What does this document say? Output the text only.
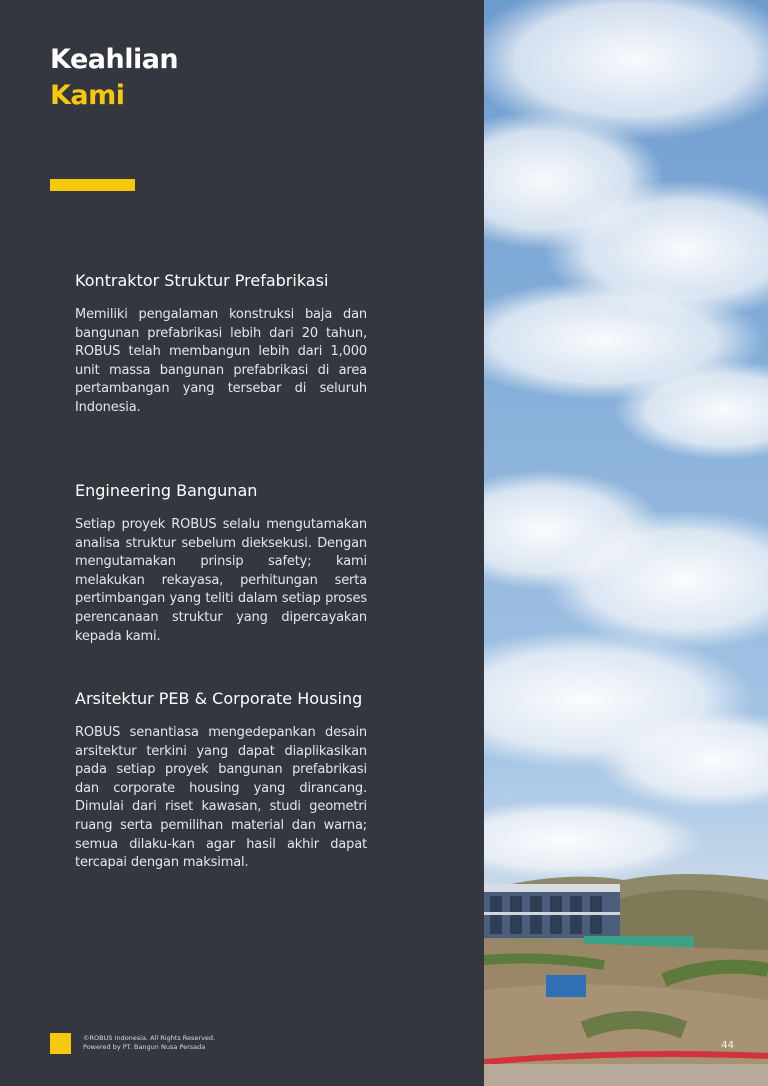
Keahlian
Kami
Kontraktor Struktur Prefabrikasi

Memiliki pengalaman konstruksi baja dan bangunan prefabrikasi lebih dari 20 tahun, ROBUS telah membangun lebih dari 1,000 unit massa bangunan prefabrikasi di area pertambangan yang tersebar di seluruh Indonesia.

Engineering Bangunan

Setiap proyek ROBUS selalu mengutamakan analisa struktur sebelum dieksekusi. Dengan mengutamakan prinsip safety; kami melakukan rekayasa, perhitungan serta pertimbangan yang teliti dalam setiap proses perencanaan struktur yang dipercayakan kepada kami.

Arsitektur PEB & Corporate Housing

ROBUS senantiasa mengedepankan desain arsitektur terkini yang dapat diaplikasikan pada setiap proyek bangunan prefabrikasi dan corporate housing yang dirancang. Dimulai dari riset kawasan, studi geometri ruang serta pemilihan material dan warna; semua dilaku-kan agar hasil akhir dapat tercapai dengan maksimal.

©ROBUS Indonesia. All Rights Reserved.
Powered by PT. Bangun Nusa Persada	44
